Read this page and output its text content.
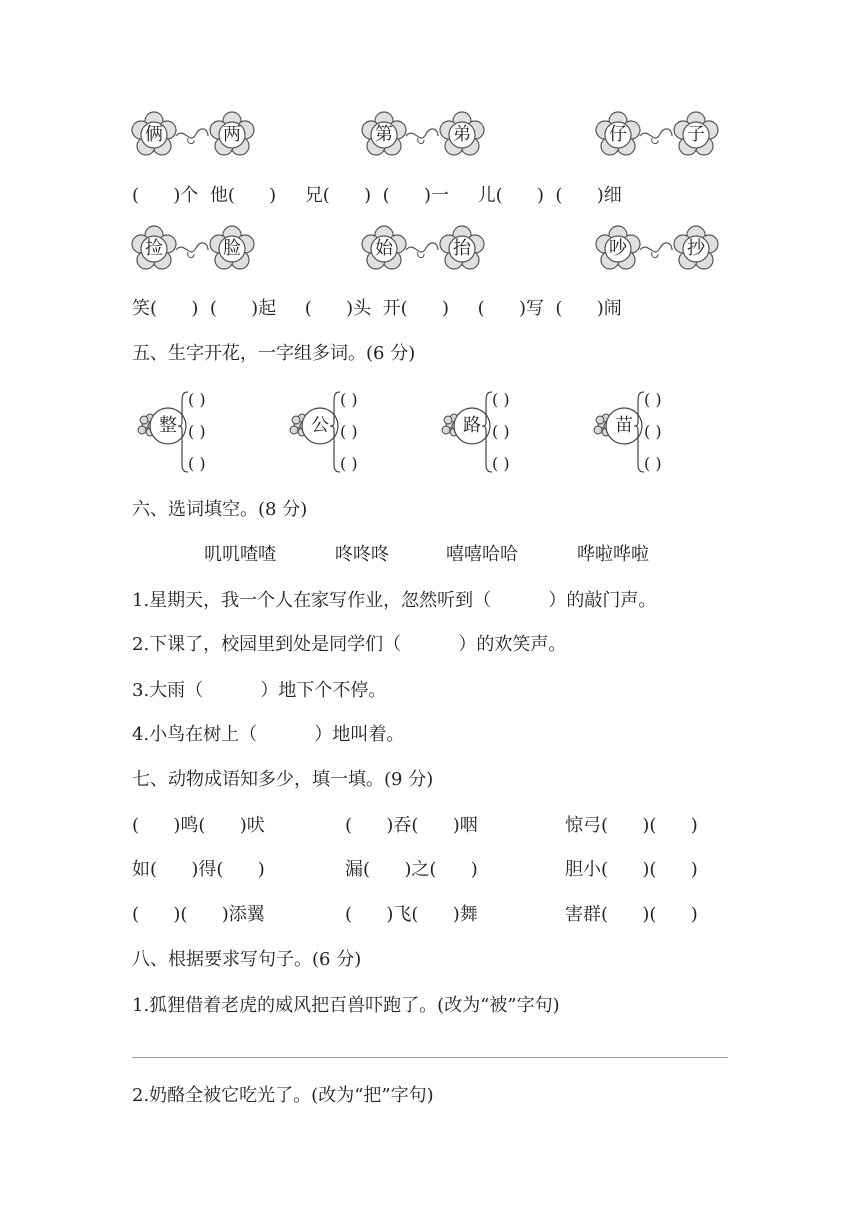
俩	两	第	弟	仔	子
(      )个  他(      )     兄(      )  (      )一     儿(      )  (      )细
捡	脸	始	抬	吵	抄
笑(      )  (      )起     (      )头  开(      )     (      )写  (      )闹
五、生字开花，一字组多词。(6 分)
整
( )
( )
( )
公
( )
( )
( )
路
( )
( )
( )
苗
( )
( )
( )
六、选词填空。(8 分)
叽叽喳喳	咚咚咚	嘻嘻哈哈	哗啦哗啦
1.星期天，我一个人在家写作业，忽然听到（          ）的敲门声。
2.下课了，校园里到处是同学们（          ）的欢笑声。
3.大雨（          ）地下个不停。
4.小鸟在树上（          ）地叫着。
七、动物成语知多少，填一填。(9 分)
(      )鸣(      )吠	(      )吞(      )咽	惊弓(      )(      )
如(      )得(      )	漏(      )之(      )	胆小(      )(      )
(      )(      )添翼	(      )飞(      )舞	害群(      )(      )
八、根据要求写句子。(6 分)
1.狐狸借着老虎的威风把百兽吓跑了。(改为“被”字句)
2.奶酪全被它吃光了。(改为“把”字句)
